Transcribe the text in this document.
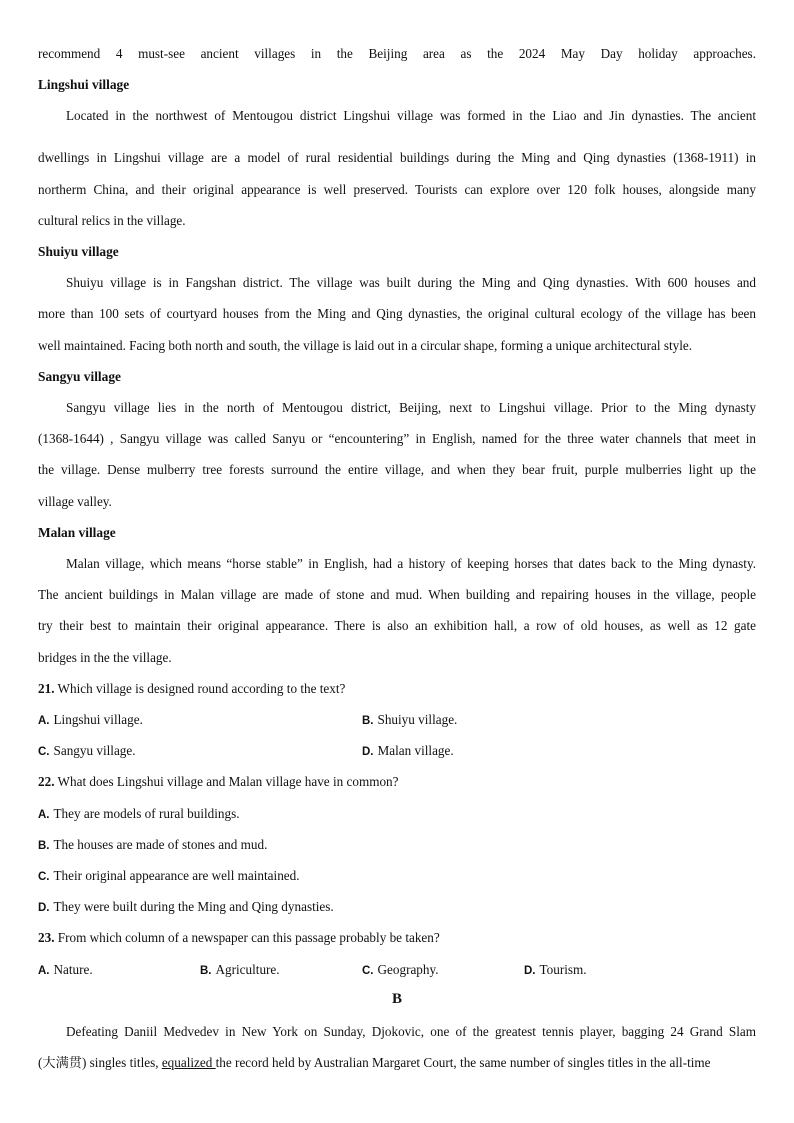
recommend 4 must-see ancient villages in the Beijing area as the 2024 May Day holiday approaches.
Lingshui village
Located in the northwest of Mentougou district Lingshui village was formed in the Liao and Jin dynasties. The ancient
dwellings in Lingshui village are a model of rural residential buildings during the Ming and Qing dynasties (1368-1911) in
northerm China, and their original appearance is well preserved. Tourists can explore over 120 folk houses, alongside many
cultural relics in the village.
Shuiyu village
Shuiyu village is in Fangshan district. The village was built during the Ming and Qing dynasties. With 600 houses and
more than 100 sets of courtyard houses from the Ming and Qing dynasties, the original cultural ecology of the village has been
well maintained. Facing both north and south, the village is laid out in a circular shape, forming a unique architectural style.
Sangyu village
Sangyu village lies in the north of Mentougou district, Beijing, next to Lingshui village. Prior to the Ming dynasty
(1368-1644) , Sangyu village was called Sanyu or “encountering” in English, named for the three water channels that meet in
the village. Dense mulberry tree forests surround the entire village, and when they bear fruit, purple mulberries light up the
village valley.
Malan village
Malan village, which means “horse stable” in English, had a history of keeping horses that dates back to the Ming dynasty.
The ancient buildings in Malan village are made of stone and mud. When building and repairing houses in the village, people
try their best to maintain their original appearance. There is also an exhibition hall, a row of old houses, as well as 12 gate
bridges in the the village.
21. Which village is designed round according to the text?
A. Lingshui village.	B. Shuiyu village.
C. Sangyu village.	D. Malan village.
22. What does Lingshui village and Malan village have in common?
A. They are models of rural buildings.
B. The houses are made of stones and mud.
C. Their original appearance are well maintained.
D. They were built during the Ming and Qing dynasties.
23. From which column of a newspaper can this passage probably be taken?
A. Nature.	B. Agriculture.	C. Geography.	D. Tourism.
B
Defeating Daniil Medvedev in New York on Sunday, Djokovic, one of the greatest tennis player, bagging 24 Grand Slam
(大满贯) singles titles, equalized the record held by Australian Margaret Court, the same number of singles titles in the all-time
